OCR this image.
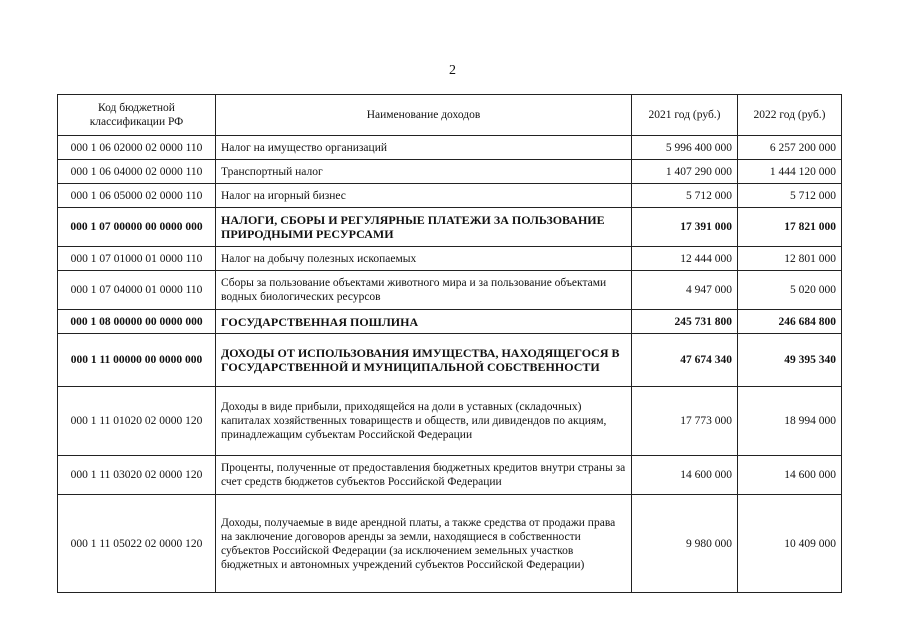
2
Код бюджетной классификации РФ	Наименование доходов	2021 год (руб.)	2022 год (руб.)
000 1 06 02000 02 0000 110	Налог на имущество организаций	5 996 400 000	6 257 200 000
000 1 06 04000 02 0000 110	Транспортный налог	1 407 290 000	1 444 120 000
000 1 06 05000 02 0000 110	Налог на игорный бизнес	5 712 000	5 712 000
000 1 07 00000 00 0000 000	НАЛОГИ, СБОРЫ И РЕГУЛЯРНЫЕ ПЛАТЕЖИ ЗА ПОЛЬЗОВАНИЕ ПРИРОДНЫМИ РЕСУРСАМИ	17 391 000	17 821 000
000 1 07 01000 01 0000 110	Налог на добычу полезных ископаемых	12 444 000	12 801 000
000 1 07 04000 01 0000 110	Сборы за пользование объектами животного мира и за пользование объектами водных биологических ресурсов	4 947 000	5 020 000
000 1 08 00000 00 0000 000	ГОСУДАРСТВЕННАЯ ПОШЛИНА	245 731 800	246 684 800
000 1 11 00000 00 0000 000	ДОХОДЫ ОТ ИСПОЛЬЗОВАНИЯ ИМУЩЕСТВА, НАХОДЯЩЕГОСЯ В ГОСУДАРСТВЕННОЙ И МУНИЦИПАЛЬНОЙ СОБСТВЕННОСТИ	47 674 340	49 395 340
000 1 11 01020 02 0000 120	Доходы в виде прибыли, приходящейся на доли в уставных (складочных) капиталах хозяйственных товариществ и обществ, или дивидендов по акциям, принадлежащим субъектам Российской Федерации	17 773 000	18 994 000
000 1 11 03020 02 0000 120	Проценты, полученные от предоставления бюджетных кредитов внутри страны за счет средств бюджетов субъектов Российской Федерации	14 600 000	14 600 000
000 1 11 05022 02 0000 120	Доходы, получаемые в виде арендной платы, а также средства от продажи права на заключение договоров аренды за земли, находящиеся в собственности субъектов Российской Федерации (за исключением земельных участков бюджетных и автономных учреждений субъектов Российской Федерации)	9 980 000	10 409 000
